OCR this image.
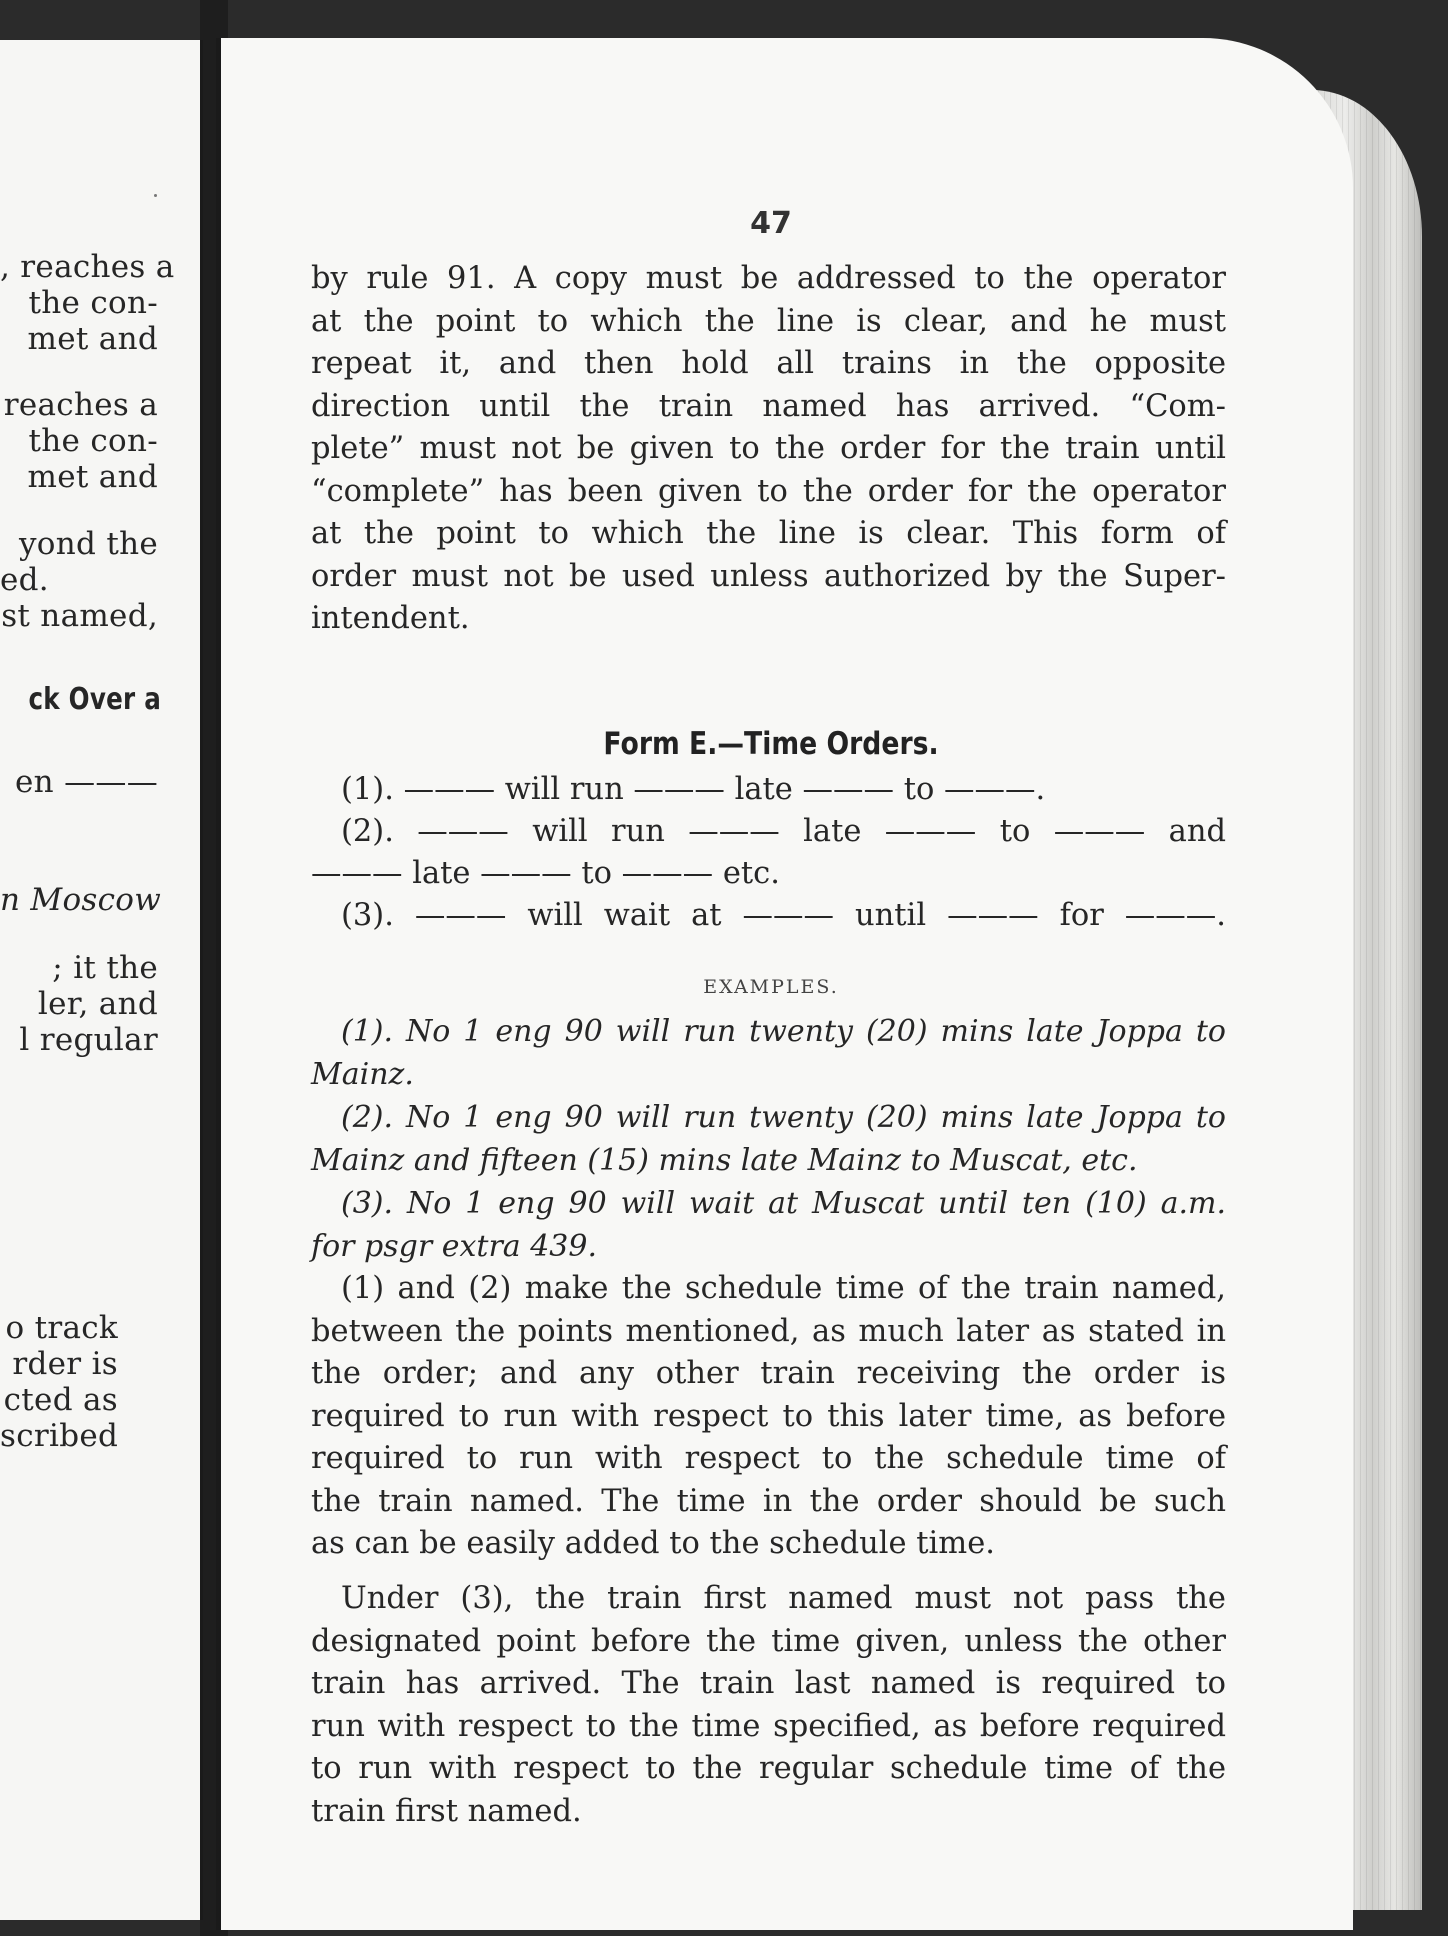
, reaches a
the con-
met and
reaches a
the con-
met and
yond the
ed.
st named,
ck Over a
en ———
n Moscow
; it the
ler, and
l regular
o track
rder is
cted as
scribed
47
by rule 91. A copy must be addressed to the operator
at the point to which the line is clear, and he must
repeat it, and then hold all trains in the opposite
direction until the train named has arrived. “Com-
plete” must not be given to the order for the train until
“complete” has been given to the order for the operator
at the point to which the line is clear. This form of
order must not be used unless authorized by the Super-
intendent.
Form E.—Time Orders.
(1). ——— will run ——— late ——— to ———.
(2). ——— will run ——— late ——— to ——— and
——— late ——— to ——— etc.
(3). ——— will wait at ——— until ——— for ———.
EXAMPLES.
(1). No 1 eng 90 will run twenty (20) mins late Joppa to
Mainz.
(2). No 1 eng 90 will run twenty (20) mins late Joppa to
Mainz and fifteen (15) mins late Mainz to Muscat, etc.
(3). No 1 eng 90 will wait at Muscat until ten (10) a.m.
for psgr extra 439.
(1) and (2) make the schedule time of the train named,
between the points mentioned, as much later as stated in
the order; and any other train receiving the order is
required to run with respect to this later time, as before
required to run with respect to the schedule time of
the train named. The time in the order should be such
as can be easily added to the schedule time.
Under (3), the train first named must not pass the
designated point before the time given, unless the other
train has arrived. The train last named is required to
run with respect to the time specified, as before required
to run with respect to the regular schedule time of the
train first named.
